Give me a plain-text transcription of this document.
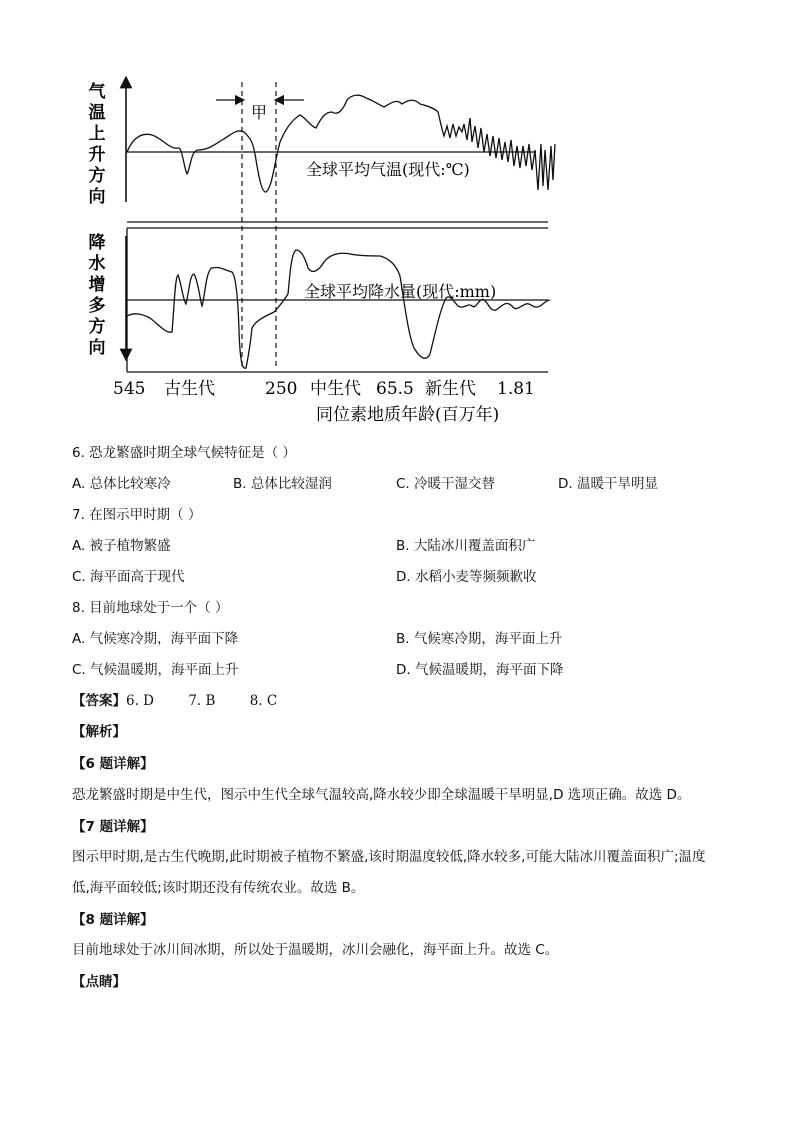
气
温
上
升
方
向
降
水
增
多
方
向
甲
全球平均气温(现代:℃)
全球平均降水量(现代:mm)
545 古生代	250 中生代 65.5 新生代 1.81
同位素地质年龄(百万年)
6. 恐龙繁盛时期全球气候特征是（ ）
A. 总体比较寒冷	B. 总体比较湿润	C. 冷暖干湿交替	D. 温暖干旱明显
7. 在图示甲时期（ ）
A. 被子植物繁盛	B. 大陆冰川覆盖面积广
C. 海平面高于现代	D. 水稻小麦等频频歉收
8. 目前地球处于一个（ ）
A. 气候寒冷期，海平面下降	B. 气候寒冷期，海平面上升
C. 气候温暖期，海平面上升	D. 气候温暖期，海平面下降
【答案】6. D        7. B        8. C
【解析】
【6 题详解】
恐龙繁盛时期是中生代，图示中生代全球气温较高,降水较少即全球温暖干旱明显,D 选项正确。故选 D。
【7 题详解】
图示甲时期,是古生代晚期,此时期被子植物不繁盛,该时期温度较低,降水较多,可能大陆冰川覆盖面积广;温度低,海平面较低;该时期还没有传统农业。故选 B。
【8 题详解】
目前地球处于冰川间冰期，所以处于温暖期，冰川会融化，海平面上升。故选 C。
【点睛】
